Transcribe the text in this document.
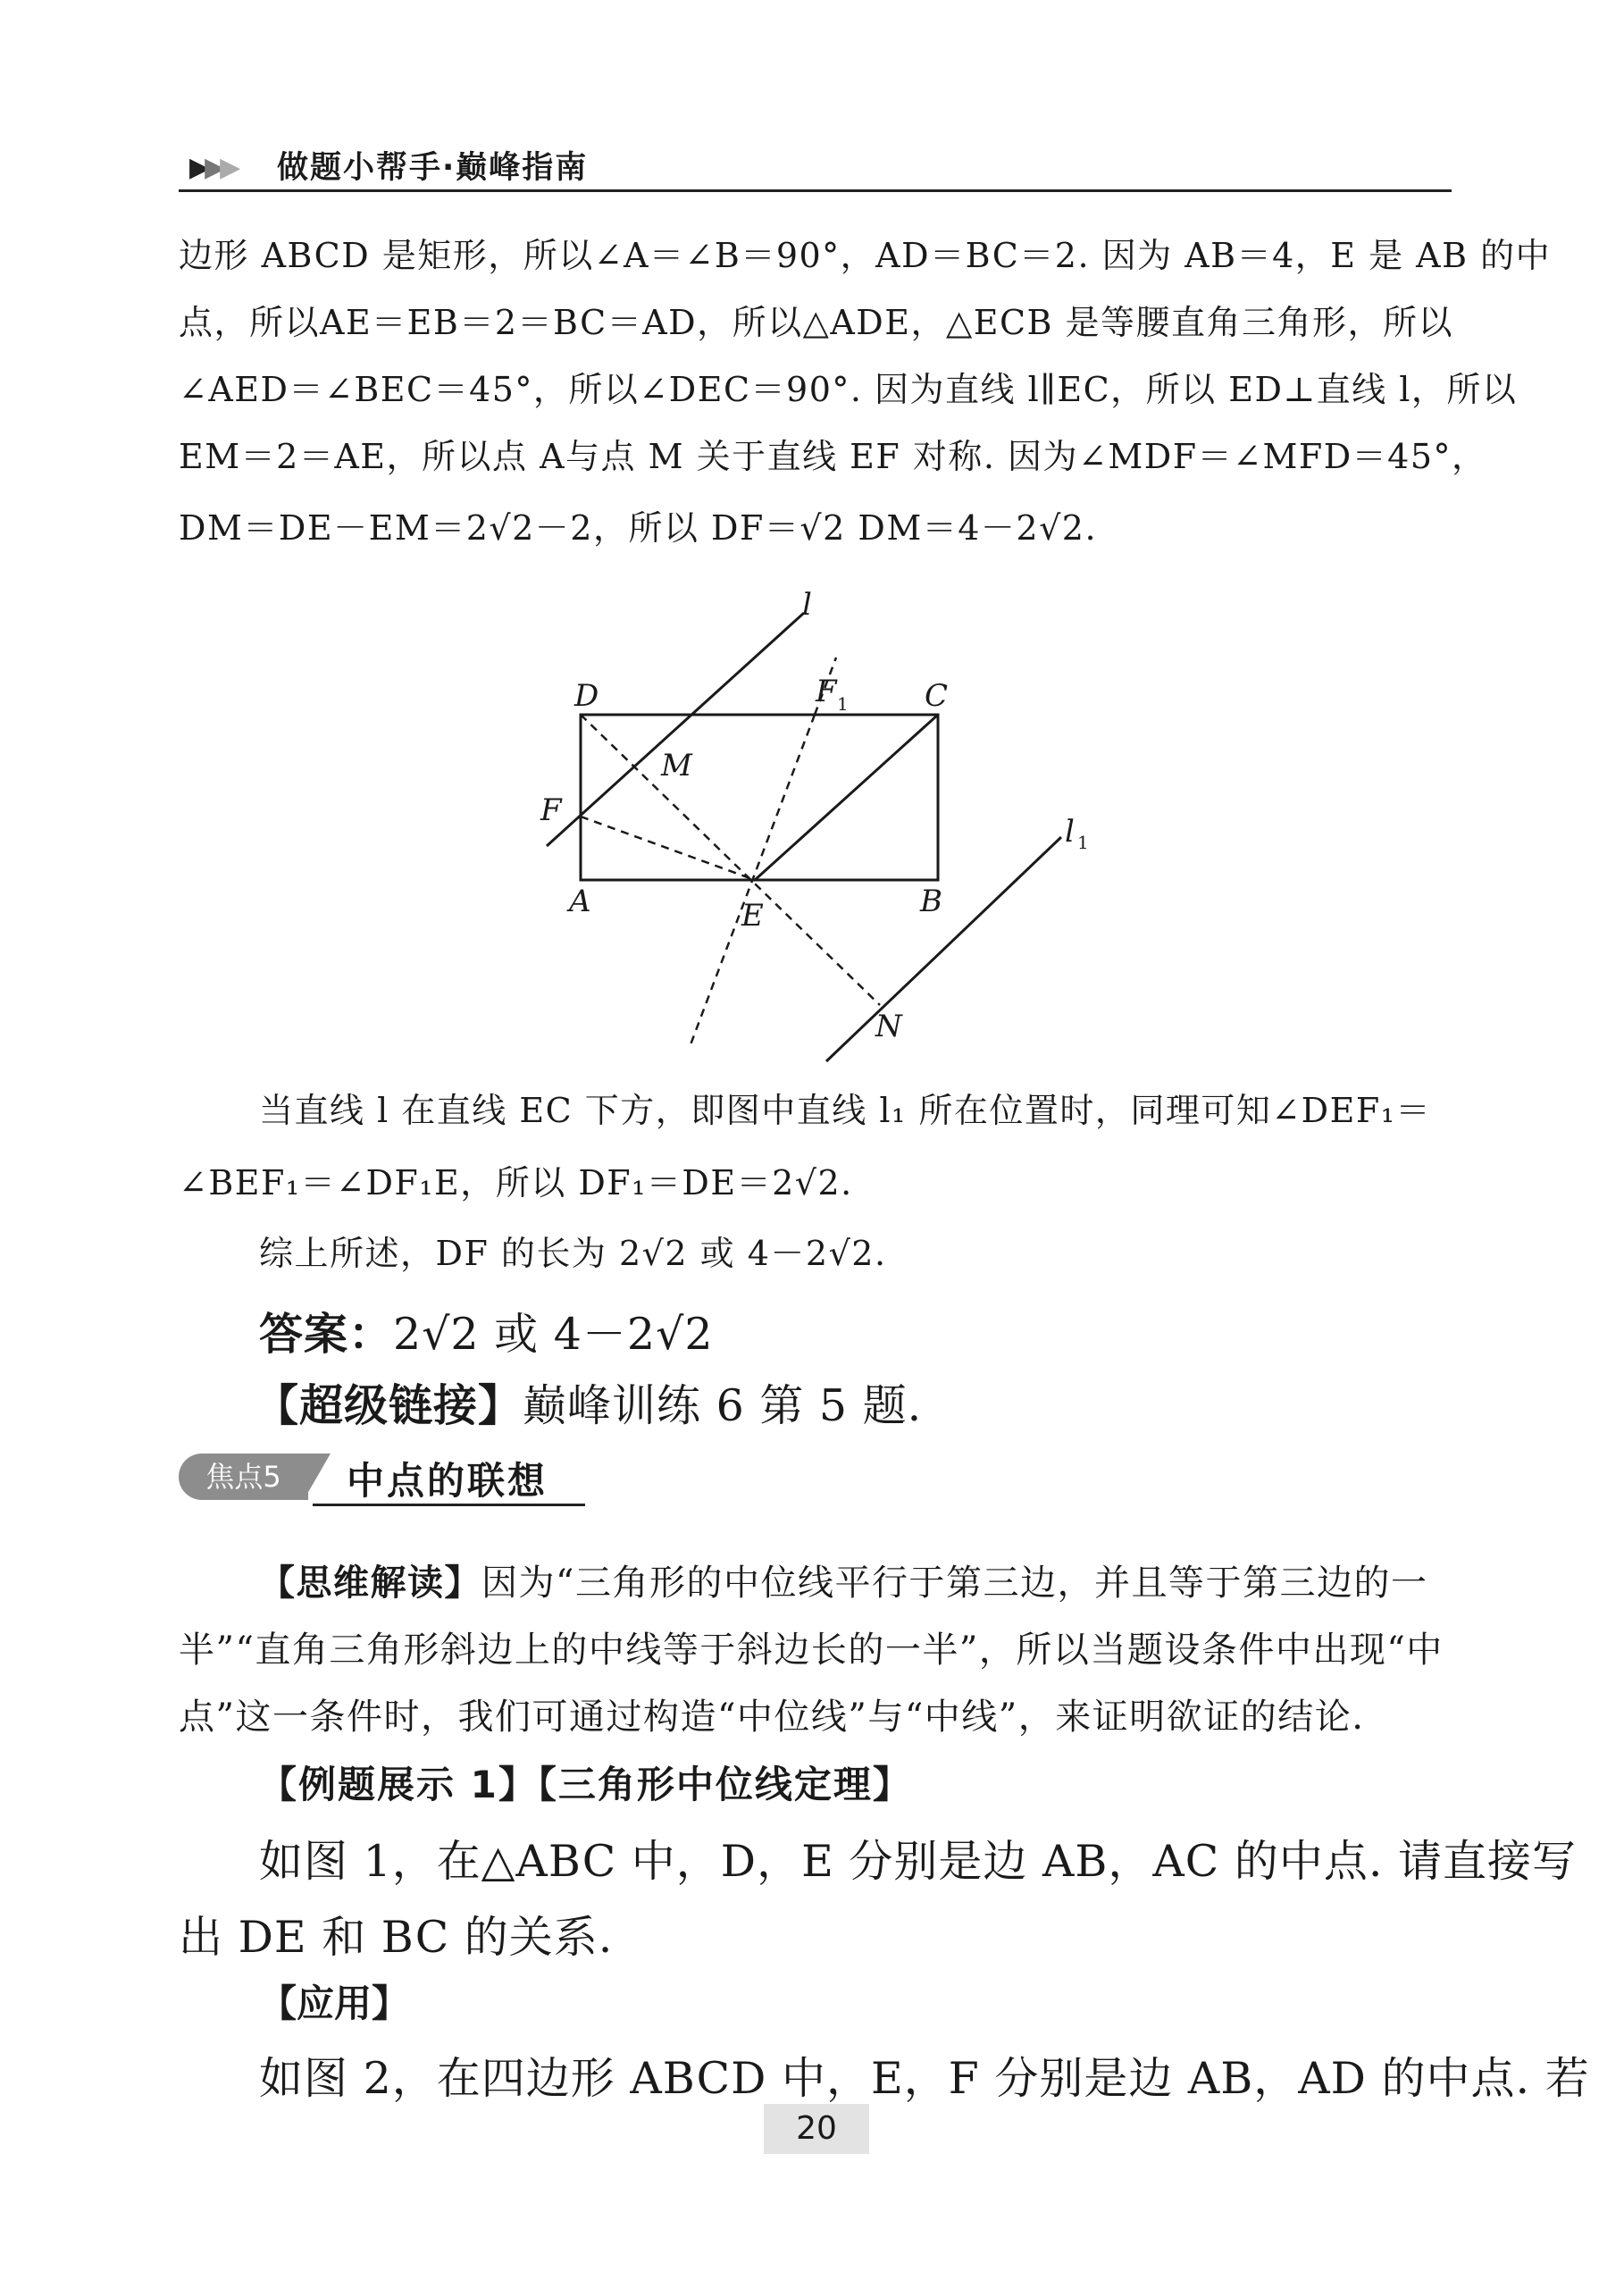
▶▶▶ 做题小帮手·巅峰指南
边形 ABCD 是矩形，所以∠A＝∠B＝90°，AD＝BC＝2. 因为 AB＝4，E 是 AB 的中
点，所以AE＝EB＝2＝BC＝AD，所以△ADE，△ECB 是等腰直角三角形，所以
∠AED＝∠BEC＝45°，所以∠DEC＝90°. 因为直线 l∥EC，所以 ED⊥直线 l，所以
EM＝2＝AE，所以点 A与点 M 关于直线 EF 对称. 因为∠MDF＝∠MFD＝45°，
DM＝DE－EM＝2√2－2，所以 DF＝√2 DM＝4－2√2.
l
D	F 1	C
M
F
l 1
A	E	B
N
当直线 l 在直线 EC 下方，即图中直线 l₁ 所在位置时，同理可知∠DEF₁＝
∠BEF₁＝∠DF₁E，所以 DF₁＝DE＝2√2.
综上所述，DF 的长为 2√2 或 4－2√2.
答案：2√2 或 4－2√2
【超级链接】巅峰训练 6 第 5 题.
焦点5	中点的联想
【思维解读】因为“三角形的中位线平行于第三边，并且等于第三边的一
半”“直角三角形斜边上的中线等于斜边长的一半”，所以当题设条件中出现“中
点”这一条件时，我们可通过构造“中位线”与“中线”，来证明欲证的结论.
【例题展示 1】【三角形中位线定理】
如图 1，在△ABC 中，D，E 分别是边 AB，AC 的中点. 请直接写
出 DE 和 BC 的关系.
【应用】
如图 2，在四边形 ABCD 中，E，F 分别是边 AB，AD 的中点. 若
20
